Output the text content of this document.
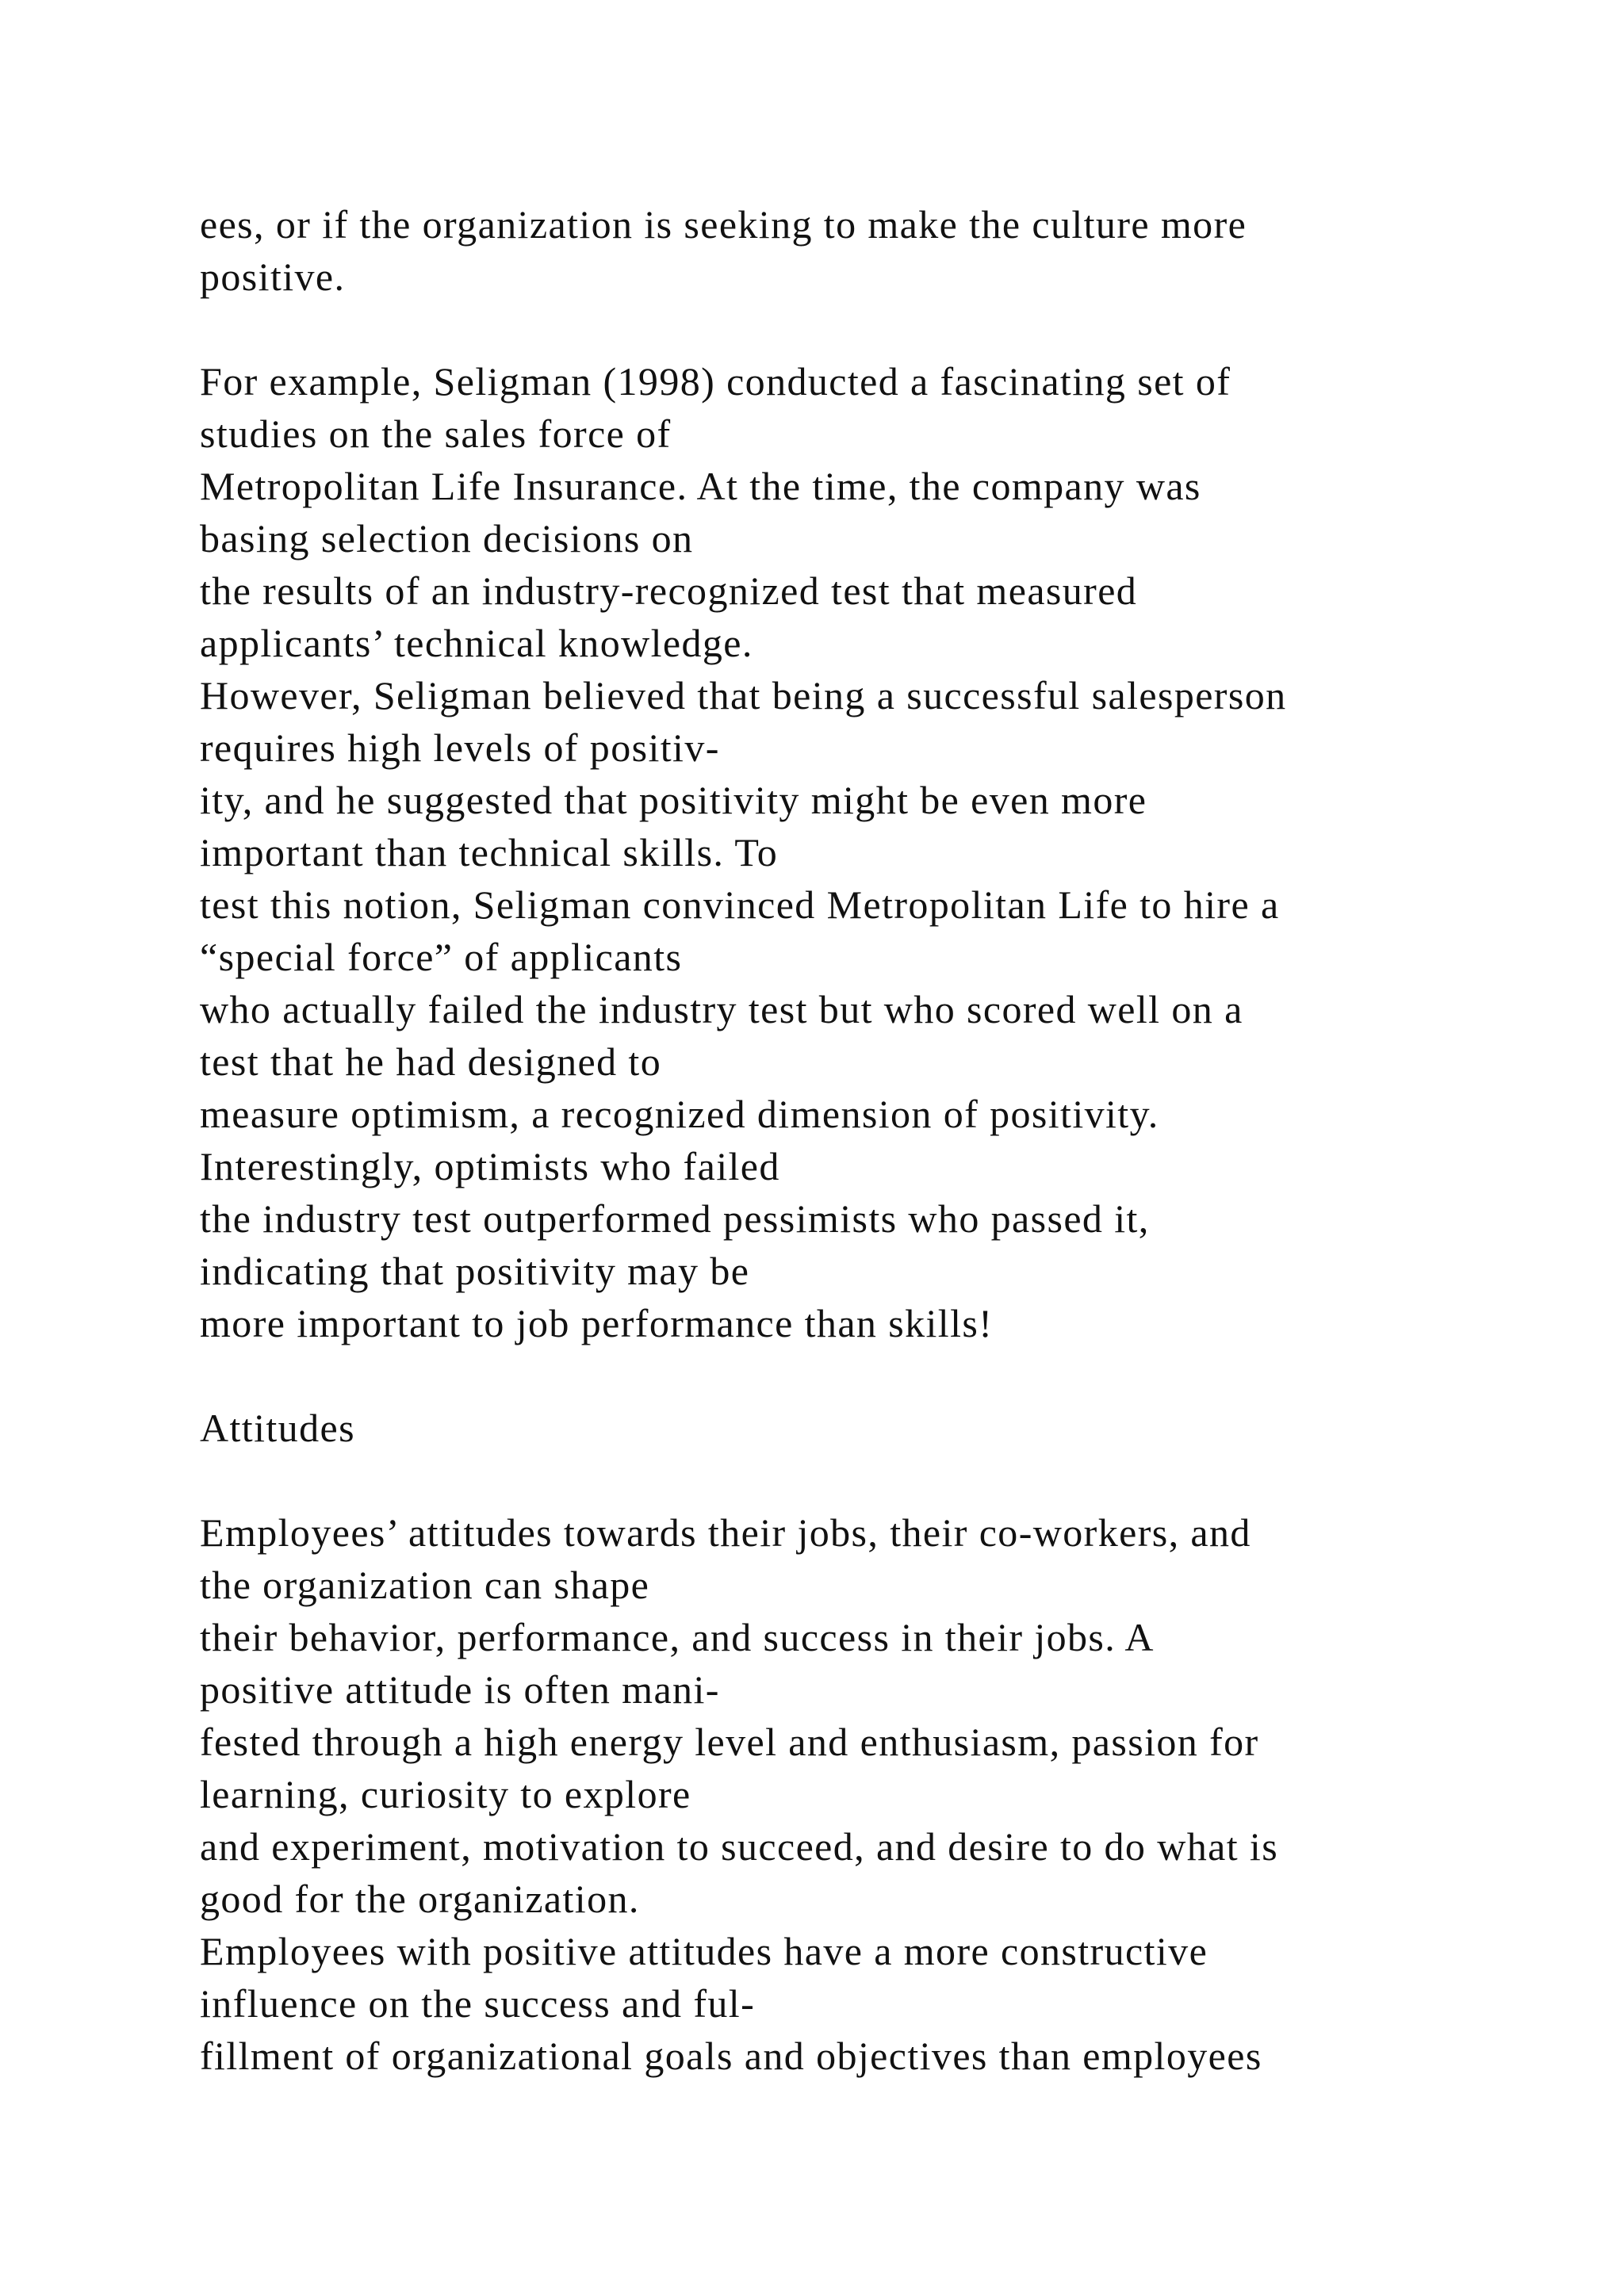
ees, or if the organization is seeking to make the culture more
positive.
For example, Seligman (1998) conducted a fascinating set of
studies on the sales force of
Metropolitan Life Insurance. At the time, the company was
basing selection decisions on
the results of an industry-recognized test that measured
applicants’ technical knowledge.
However, Seligman believed that being a successful salesperson
requires high levels of positiv-
ity, and he suggested that positivity might be even more
important than technical skills. To
test this notion, Seligman convinced Metropolitan Life to hire a
“special force” of applicants
who actually failed the industry test but who scored well on a
test that he had designed to
measure optimism, a recognized dimension of positivity.
Interestingly, optimists who failed
the industry test outperformed pessimists who passed it,
indicating that positivity may be
more important to job performance than skills!
Attitudes
Employees’ attitudes towards their jobs, their co-workers, and
the organization can shape
their behavior, performance, and success in their jobs. A
positive attitude is often mani-
fested through a high energy level and enthusiasm, passion for
learning, curiosity to explore
and experiment, motivation to succeed, and desire to do what is
good for the organization.
Employees with positive attitudes have a more constructive
influence on the success and ful-
fillment of organizational goals and objectives than employees
